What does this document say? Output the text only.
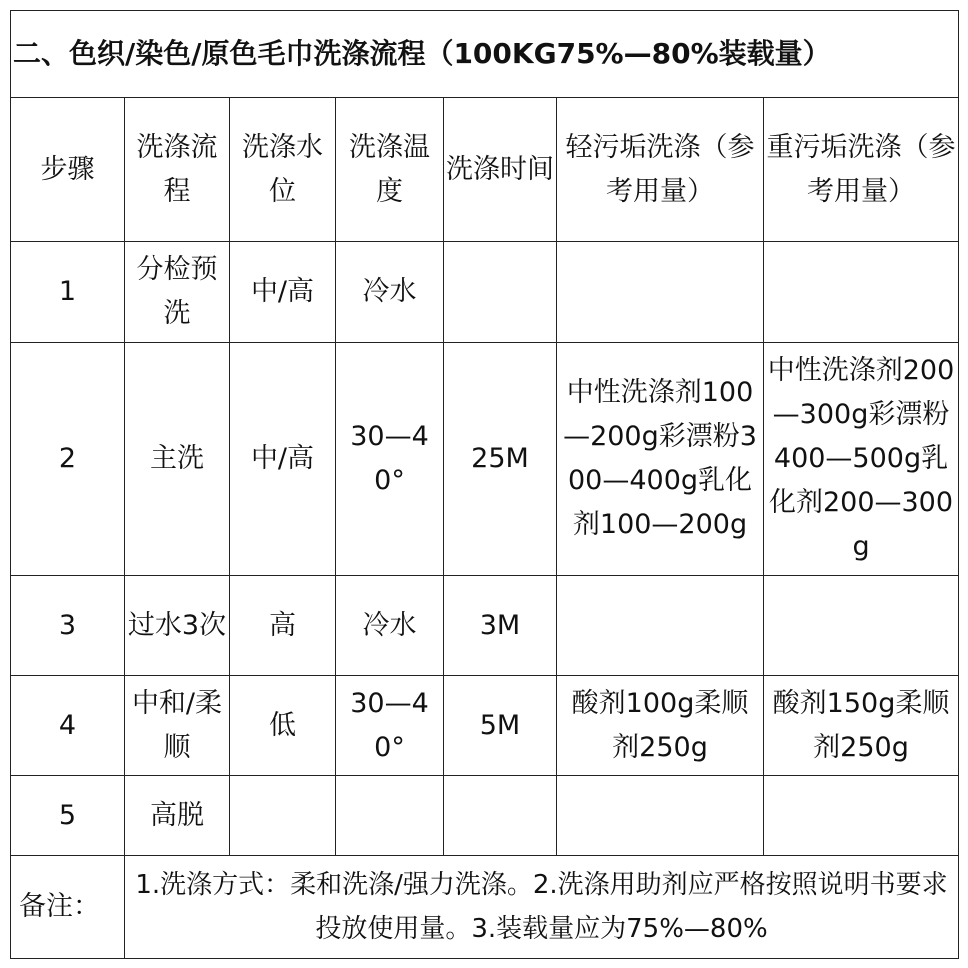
二、色织/染色/原色毛巾洗涤流程（100KG75%—80%装载量）						
步骤	洗涤流程	洗涤水位	洗涤温度	洗涤时间	轻污垢洗涤（参考用量）	重污垢洗涤（参考用量）
1	分检预洗	中/高	冷水			
2	主洗	中/高	30—40°	25M	中性洗涤剂100—200g彩漂粉300—400g乳化剂100—200g	中性洗涤剂200—300g彩漂粉400—500g乳化剂200—300g
3	过水3次	高	冷水	3M		
4	中和/柔顺	低	30—40°	5M	酸剂100g柔顺剂250g	酸剂150g柔顺剂250g
5	高脱					
备注：	1.洗涤方式：柔和洗涤/强力洗涤。2.洗涤用助剂应严格按照说明书要求投放使用量。3.装载量应为75%—80%					
